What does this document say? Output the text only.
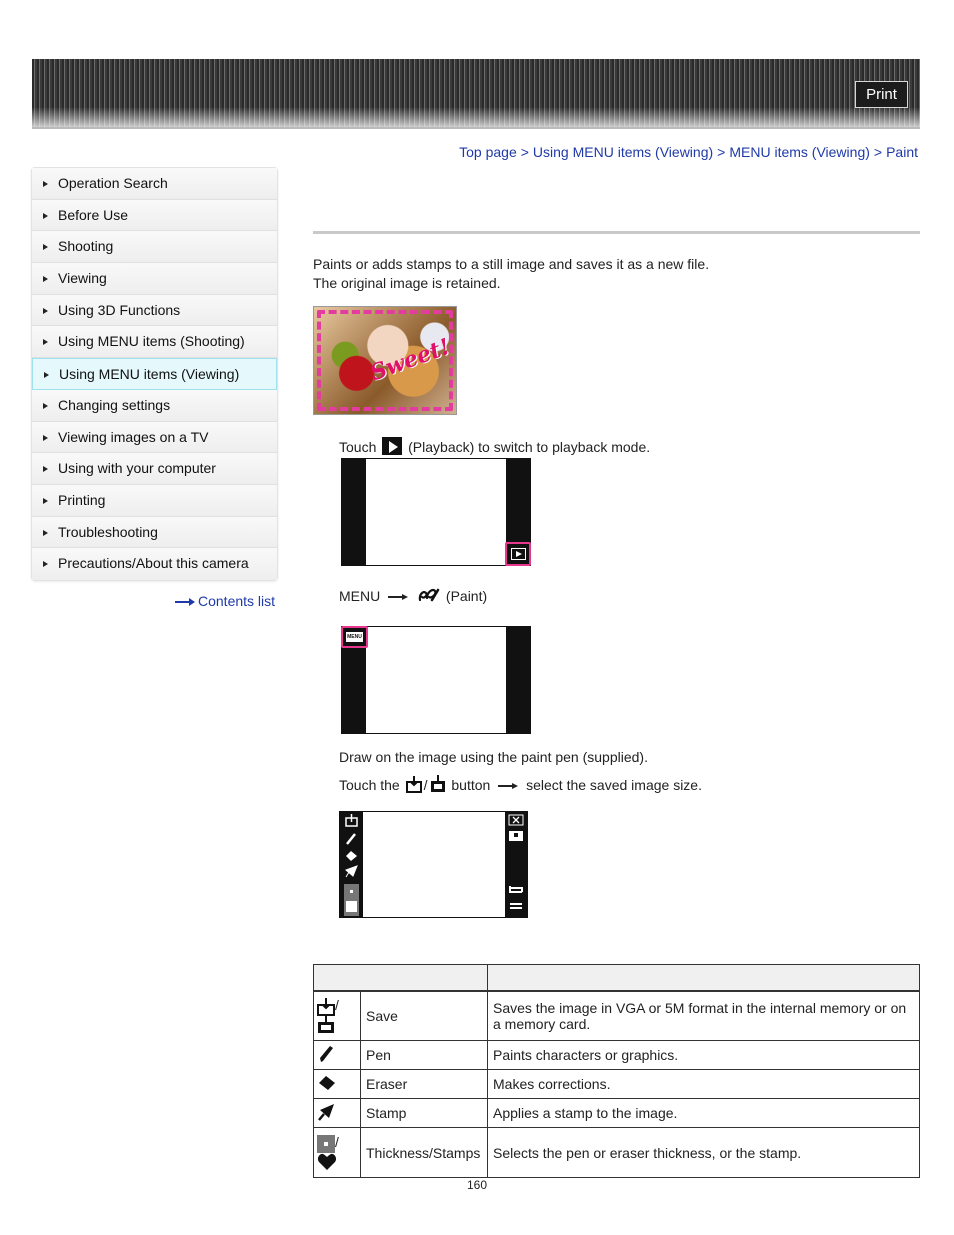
Print
Top page > Using MENU items (Viewing) > MENU items (Viewing) > Paint
Operation Search
Before Use
Shooting
Viewing
Using 3D Functions
Using MENU items (Shooting)
Using MENU items (Viewing)
Changing settings
Viewing images on a TV
Using with your computer
Printing
Troubleshooting
Precautions/About this camera
Contents list
Paints or adds stamps to a still image and saves it as a new file.
The original image is retained.
Sweet!
Touch (Playback) to switch to playback mode.
MENU	(Paint)
MENU
Draw on the image using the paint pen (supplied).
Touch the / button	select the saved image size.

/	Save	Saves the image in VGA or 5M format in the internal memory or on a memory card.
	Pen	Paints characters or graphics.
	Eraser	Makes corrections.
	Stamp	Applies a stamp to the image.
/	Thickness/Stamps	Selects the pen or eraser thickness, or the stamp.
160
